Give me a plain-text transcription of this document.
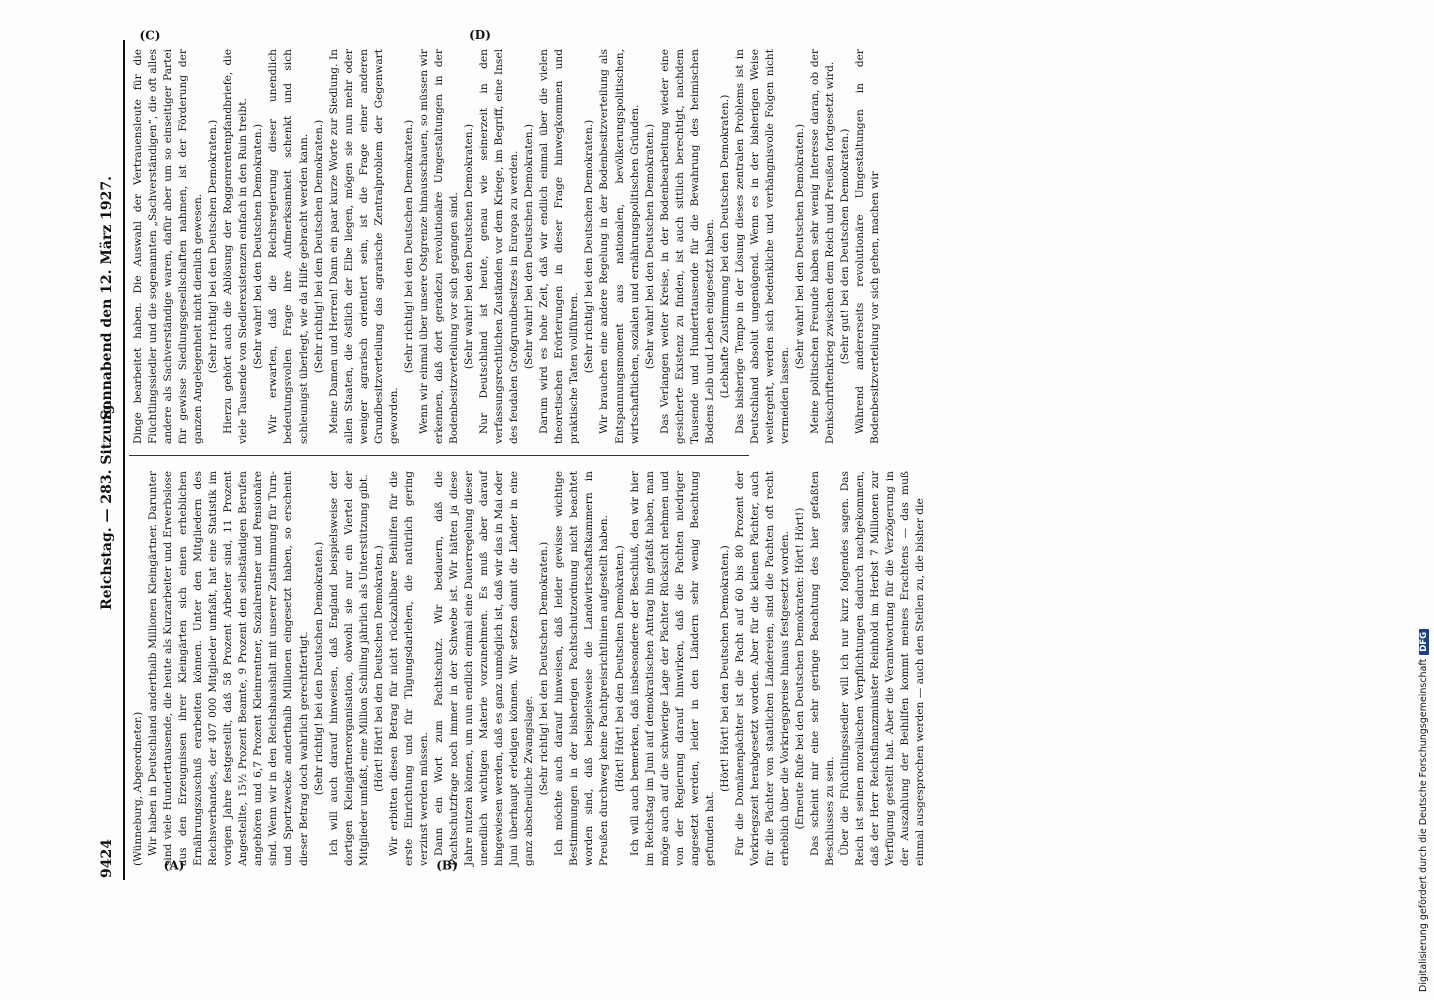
9424
Reichstag. — 283. Sitzung.
Sonnabend den 12. März 1927.

(Wünneburg, Abgeordneter.) Wir haben in Deutschland anderthalb Millionen Kleingärtner. Darunter sind viele Hunderttausende, die heute als Kurzarbeiter und Erwerbslose aus den Erzeugnissen ihrer Kleingärten sich einen erheblichen Ernährungszuschuß erarbeiten können. Unter den Mitgliedern des Reichsverbandes, der 407 000 Mitglieder umfaßt, hat eine Statistik im vorigen Jahre festgestellt, daß 58 Prozent Arbeiter sind, 11 Prozent Angestellte, 15½ Prozent Beamte, 9 Prozent den selbständigen Berufen angehören und 6,7 Prozent Kleinrentner, Sozialrentner und Pensionäre sind. Wenn wir in den Reichshaushalt mit unserer Zustimmung für Turn- und Sportzwecke anderthalb Millionen eingesetzt haben, so erscheint dieser Betrag doch wahrlich gerechtfertigt. (Sehr richtig! bei den Deutschen Demokraten.) Ich will auch darauf hinweisen, daß England beispielsweise der dortigen Kleingärtnerorganisation, obwohl sie nur ein Viertel der Mitglieder umfaßt, eine Million Schilling jährlich als Unterstützung gibt. (Hört! Hört! bei den Deutschen Demokraten.) Wir erbitten diesen Betrag für nicht rückzahlbare Beihilfen für die erste Einrichtung und für Tilgungsdarlehen, die natürlich gering verzinst werden müssen. Dann ein Wort zum Pachtschutz. Wir bedauern, daß die Pachtschutzfrage noch immer in der Schwebe ist. Wir hätten ja diese Jahre nutzen können, um nun endlich einmal eine Dauerregelung dieser unendlich wichtigen Materie vorzunehmen. Es muß aber darauf hingewiesen werden, daß es ganz unmöglich ist, daß wir das in Mai oder Juni überhaupt erledigen können. Wir setzen damit die Länder in eine ganz abscheuliche Zwangslage. (Sehr richtig! bei den Deutschen Demokraten.) Ich möchte auch darauf hinweisen, daß leider gewisse wichtige Bestimmungen in der bisherigen Pachtschutzordnung nicht beachtet worden sind, daß beispielsweise die Landwirtschaftskammern in Preußen durchweg keine Pachtpreisrichtlinien aufgestellt haben. (Hört! Hört! bei den Deutschen Demokraten.) Ich will auch bemerken, daß insbesondere der Beschluß, den wir hier im Reichstag im Juni auf demokratischen Antrag hin gefaßt haben, man möge auch auf die schwierige Lage der Pächter Rücksicht nehmen und von der Regierung darauf hinwirken, daß die Pachten niedriger angesetzt werden, leider in den Ländern sehr wenig Beachtung gefunden hat.

(Hört! Hört! bei den Deutschen Demokraten.) Für die Domänenpächter ist die Pacht auf 60 bis 80 Prozent der Vorkriegszeit herabgesetzt worden. Aber für die kleinen Pächter, auch für die Pächter von staatlichen Ländereien, sind die Pachten oft recht erheblich über die Vorkriegspreise hinaus festgesetzt worden. (Erneute Rufe bei den Deutschen Demokraten: Hört! Hört!) Das scheint mir eine sehr geringe Beachtung des hier gefaßten Beschlusses zu sein. Über die Flüchtlingssiedler will ich nur kurz folgendes sagen. Das Reich ist seinen moralischen Verpflichtungen dadurch nachgekommen, daß der Herr Reichsfinanzminister Reinhold im Herbst 7 Millionen zur Verfügung gestellt hat. Aber die Verantwortung für die Verzögerung in der Auszahlung der Beihilfen kommt meines Erachtens — das muß einmal ausgesprochen werden — auch den Stellen zu, die bisher die

Dinge bearbeitet haben. Die Auswahl der Vertrauensleute für die Flüchtlingssiedler und die sogenannten „Sachverständigen“, die oft alles andere als Sachverständige waren, dafür aber um so einseitiger Partei für gewisse Siedlungsgesellschaften nahmen, ist der Förderung der ganzen Angelegenheit nicht dienlich gewesen. (Sehr richtig! bei den Deutschen Demokraten.) Hierzu gehört auch die Ablösung der Roggenrentenpfandbriefe, die viele Tausende von Siedlerexistenzen einfach in den Ruin treibt. (Sehr wahr! bei den Deutschen Demokraten.) Wir erwarten, daß die Reichsregierung dieser unendlich bedeutungsvollen Frage ihre Aufmerksamkeit schenkt und sich schleunigst überlegt, wie da Hilfe gebracht werden kann. (Sehr richtig! bei den Deutschen Demokraten.) Meine Damen und Herren! Dann ein paar kurze Worte zur Siedlung. In allen Staaten, die östlich der Elbe liegen, mögen sie nun mehr oder weniger agrarisch orientiert sein, ist die Frage einer anderen Grundbesitzverteilung das agrarische Zentralproblem der Gegenwart geworden.

(Sehr richtig! bei den Deutschen Demokraten.) Wenn wir einmal über unsere Ostgrenze hinausschauen, so müssen wir erkennen, daß dort geradezu revolutionäre Umgestaltungen in der Bodenbesitzverteilung vor sich gegangen sind. (Sehr wahr! bei den Deutschen Demokraten.) Nur Deutschland ist heute, genau wie seinerzeit in den verfassungsrechtlichen Zuständen vor dem Kriege, im Begriff, eine Insel des feudalen Großgrundbesitzes in Europa zu werden. (Sehr wahr! bei den Deutschen Demokraten.) Darum wird es hohe Zeit, daß wir endlich einmal über die vielen theoretischen Erörterungen in dieser Frage hinwegkommen und praktische Taten vollführen. (Sehr richtig! bei den Deutschen Demokraten.) Wir brauchen eine andere Regelung in der Bodenbesitzverteilung als Entspannungsmoment aus nationalen, bevölkerungspolitischen, wirtschaftlichen, sozialen und ernährungspolitischen Gründen. (Sehr wahr! bei den Deutschen Demokraten.) Das Verlangen weiter Kreise, in der Bodenbearbeitung wieder eine gesicherte Existenz zu finden, ist auch sittlich berechtigt, nachdem Tausende und Hunderttausende für die Bewahrung des heimischen Bodens Leib und Leben eingesetzt haben. (Lebhafte Zustimmung bei den Deutschen Demokraten.) Das bisherige Tempo in der Lösung dieses zentralen Problems ist in Deutschland absolut ungenügend. Wenn es in der bisherigen Weise weitergeht, werden sich bedenkliche und verhängnisvolle Folgen nicht vermeiden lassen.

(Sehr wahr! bei den Deutschen Demokraten.) Meine politischen Freunde haben sehr wenig Interesse daran, ob der Denkschriftenkrieg zwischen dem Reich und Preußen fortgesetzt wird. (Sehr gut! bei den Deutschen Demokraten.) Während andererseits revolutionäre Umgestaltungen in der Bodenbesitzverteilung vor sich gehen, machen wir

(A)	(B)
(C)	(D)
Digitalisierung gefördert durch die Deutsche ForschungsgemeinschaftDFG
